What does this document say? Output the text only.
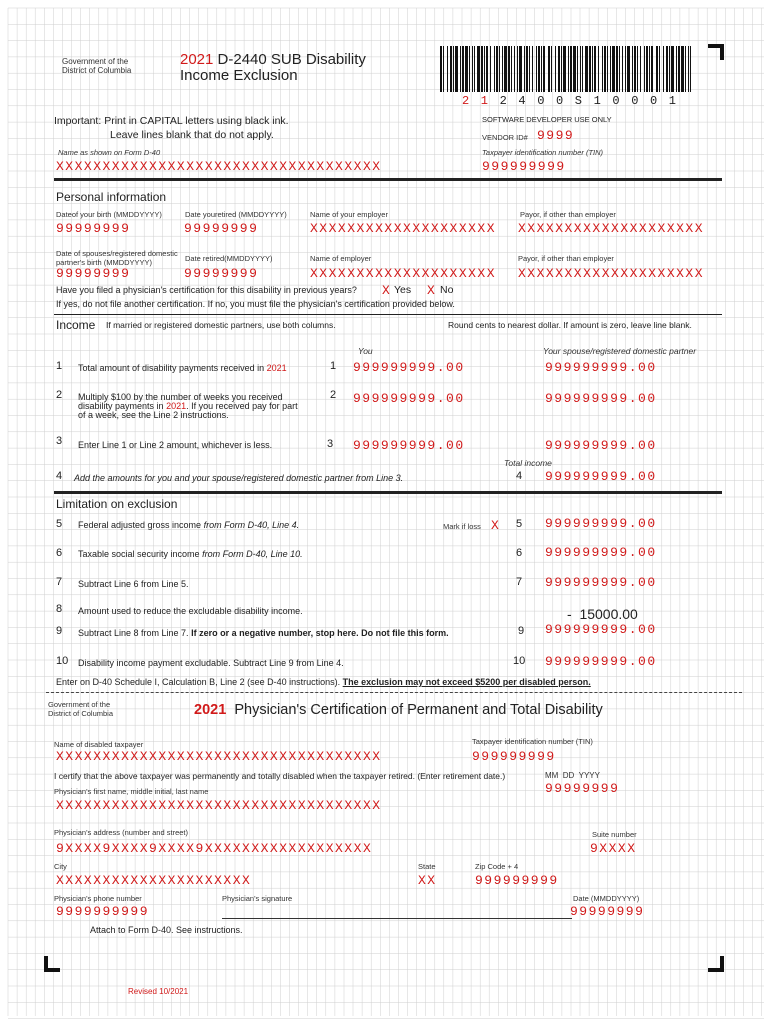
Government of the
District of Columbia
2021 D-2440 SUB Disability
Income Exclusion
2 1 2 4 0 0 S 1 0 0 0 1
SOFTWARE DEVELOPER USE ONLY
VENDOR ID# 9999
Taxpayer identification number (TIN)
999999999
Important: Print in CAPITAL letters using black ink.
Leave lines blank that do not apply.
Name as shown on Form D-40
XXXXXXXXXXXXXXXXXXXXXXXXXXXXXXXXXXX
Personal information
Dateof your birth (MMDDYYYY)
99999999
Date youretired (MMDDYYYY)
99999999
Name of your employer
XXXXXXXXXXXXXXXXXXXX
Payor, if other than employer
XXXXXXXXXXXXXXXXXXXX
Date of spouses/registered domestic
partner's birth (MMDDYYYY)
99999999
Date retired(MMDDYYYY)
99999999
Name of employer
XXXXXXXXXXXXXXXXXXXX
Payor, if other than employer
XXXXXXXXXXXXXXXXXXXX
Have you filed a physician's certification for this disability in previous years? X Yes X No
If yes, do not file another certification. If no, you must file the physician's certification provided below.
Income If married or registered domestic partners, use both columns.	Round cents to nearest dollar. If amount is zero, leave line blank.
You	Your spouse/registered domestic partner
1 Total amount of disability payments received in 2021	1 999999999.00	999999999.00
2 Multiply $100 by the number of weeks you received
disability payments in 2021. If you received pay for part
of a week, see the Line 2 instructions.
2 999999999.00	999999999.00
3 Enter Line 1 or Line 2 amount, whichever is less.	3 999999999.00	999999999.00
Total income
4 Add the amounts for you and your spouse/registered domestic partner from Line 3.	4 999999999.00
Limitation on exclusion
5 Federal adjusted gross income from Form D-40, Line 4.	Mark if loss X 5 999999999.00
6 Taxable social security income from Form D-40, Line 10.	6 999999999.00
7 Subtract Line 6 from Line 5.	7 999999999.00
8 Amount used to reduce the excludable disability income.	-  15000.00
9 Subtract Line 8 from Line 7. If zero or a negative number, stop here. Do not file this form.	9 999999999.00
10 Disability income payment excludable. Subtract Line 9 from Line 4.	10 999999999.00
Enter on D-40 Schedule I, Calculation B, Line 2 (see D-40 instructions). The exclusion may not exceed $5200 per disabled person.
Government of the
District of Columbia	2021 Physician's Certification of Permanent and Total Disability
Name of disabled taxpayer
XXXXXXXXXXXXXXXXXXXXXXXXXXXXXXXXXXX
Taxpayer identification number (TIN)
999999999
I certify that the above taxpayer was permanently and totally disabled when the taxpayer retired. (Enter retirement date.)	MM  DD  YYYY
Physician's first name, middle initial, last name	99999999
XXXXXXXXXXXXXXXXXXXXXXXXXXXXXXXXXXX
Physician's address (number and street)
9XXXX9XXXX9XXXX9XXXXXXXXXXXXXXXXXX
Suite number
9XXXX
City
XXXXXXXXXXXXXXXXXXXXX
State
XX
Zip Code + 4
999999999
Physician's phone number
9999999999
Physician's signature	Date (MMDDYYYY)
99999999
Attach to Form D-40. See instructions.
Revised 10/2021
